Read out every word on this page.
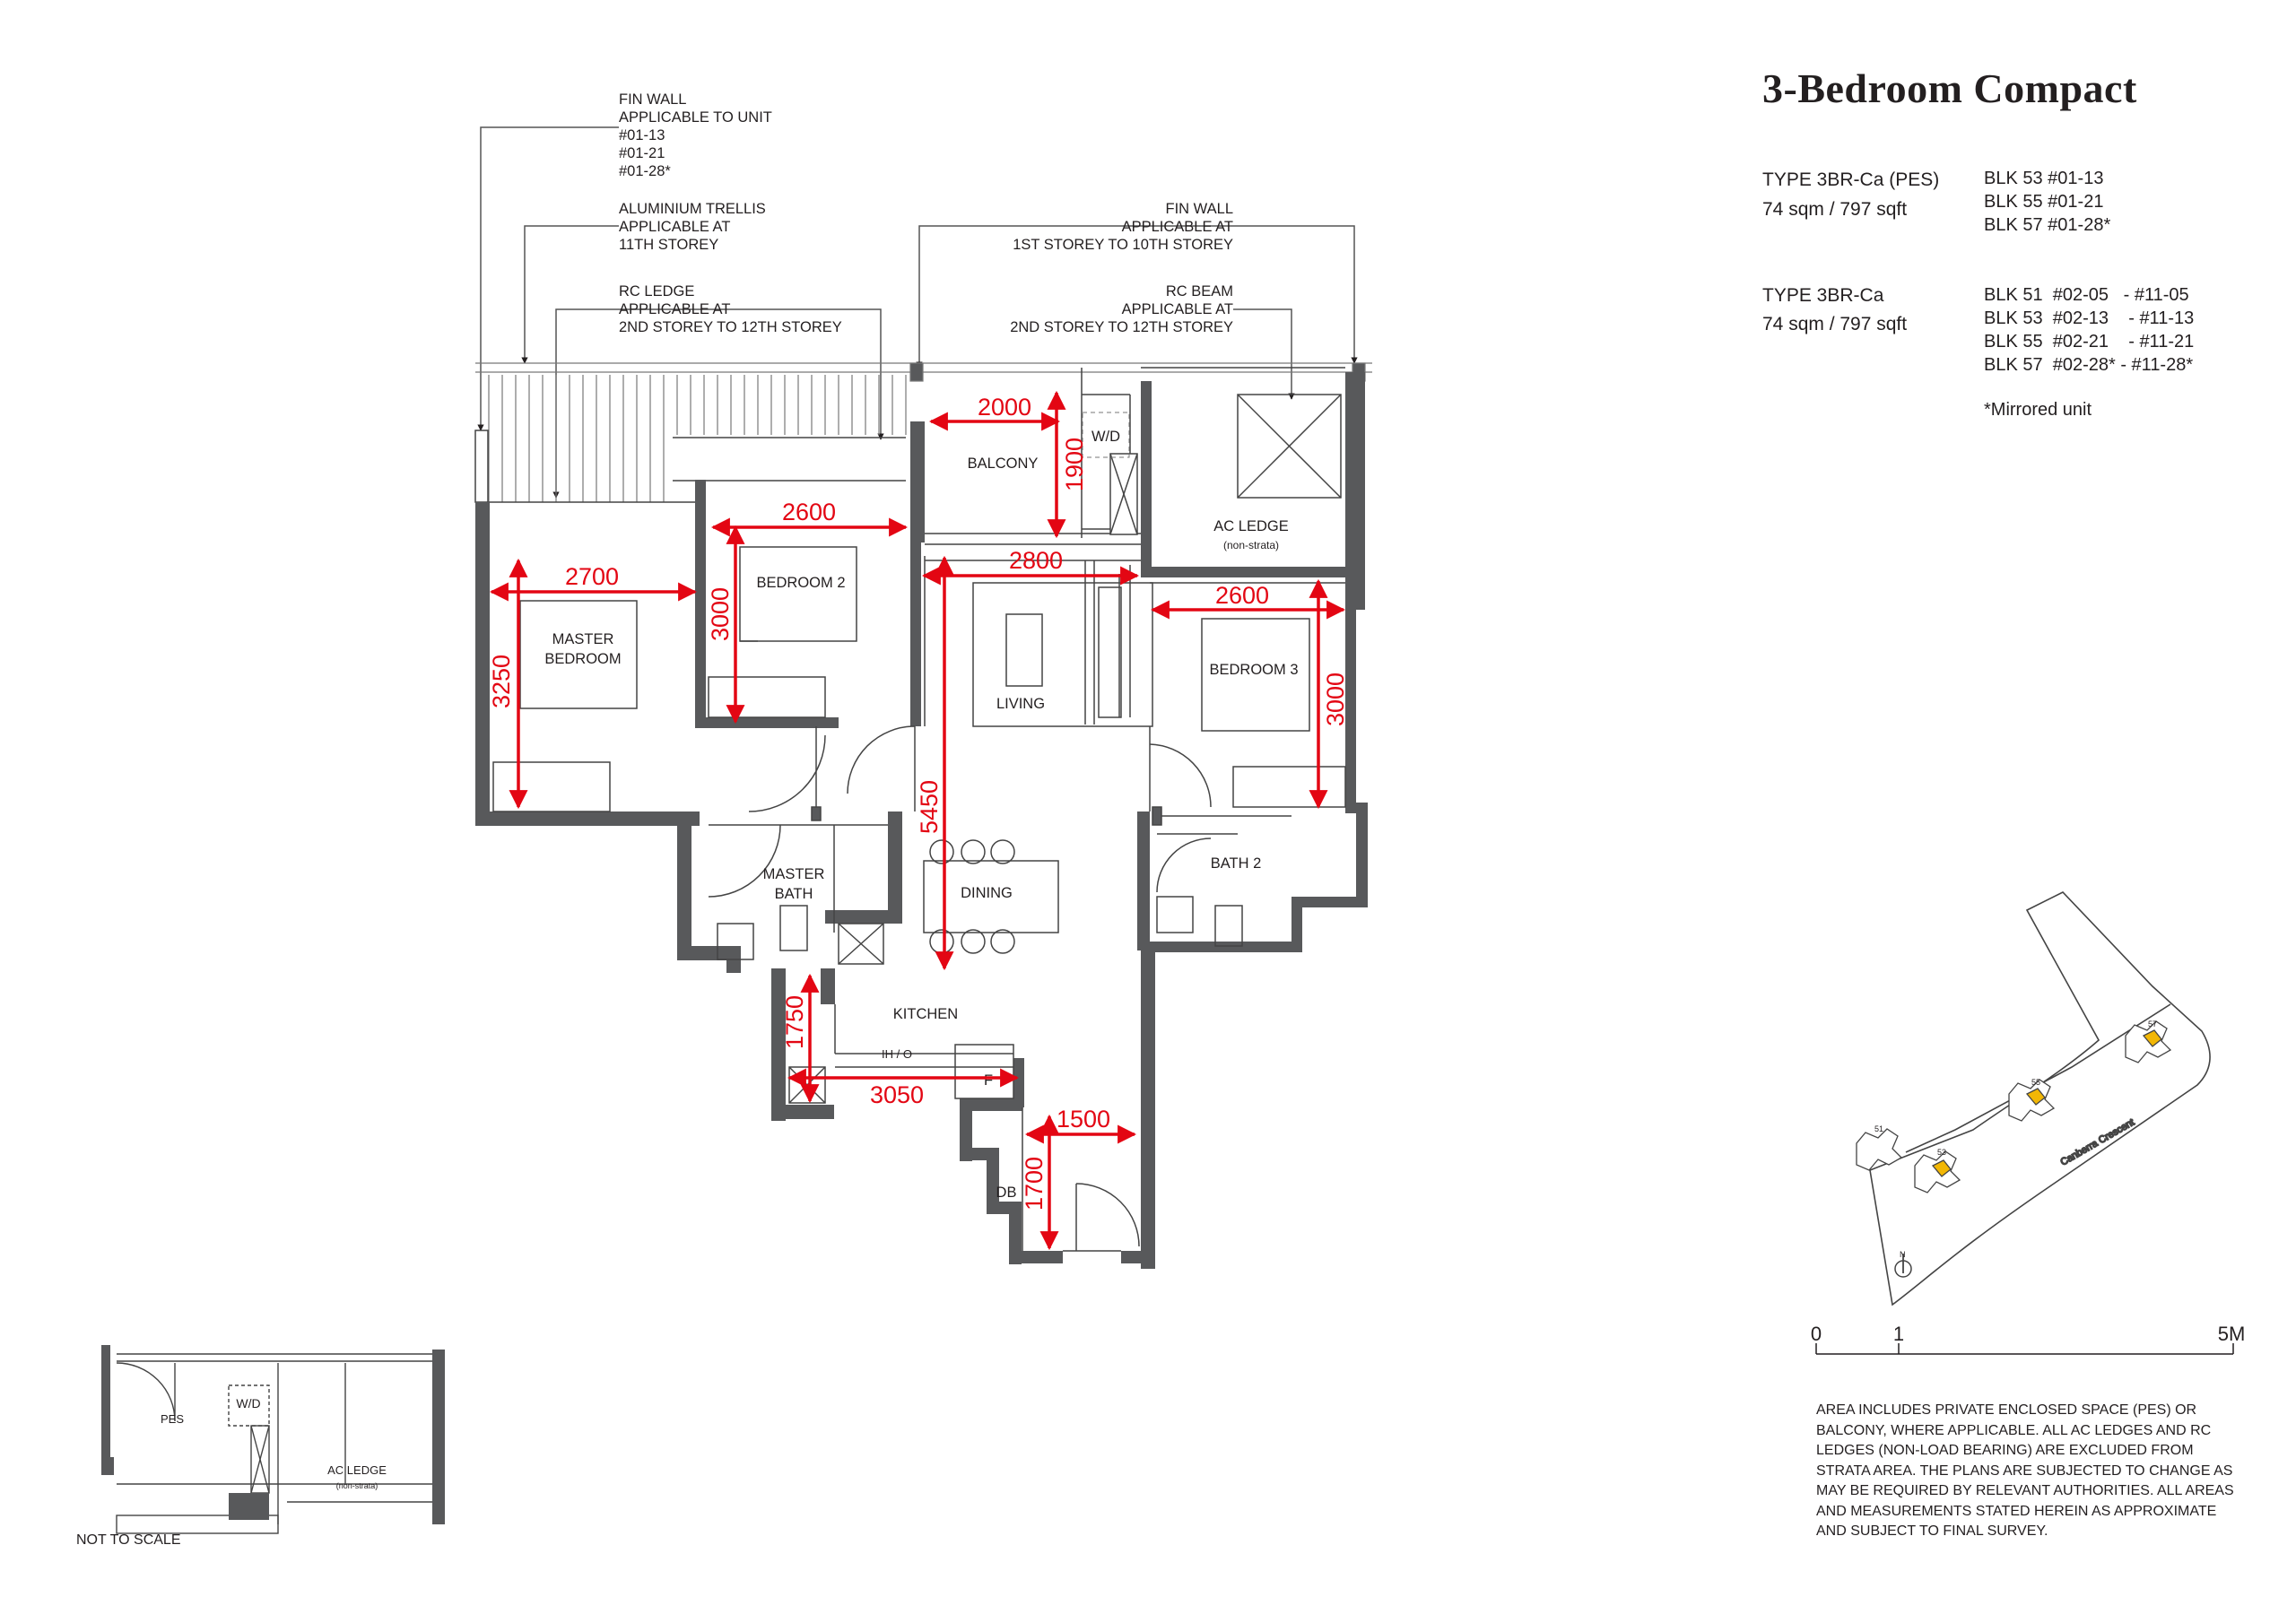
3-Bedroom Compact
TYPE 3BR-Ca (PES)
74 sqm / 797 sqft
BLK 53 #01-13
BLK 55 #01-21
BLK 57 #01-28*
TYPE 3BR-Ca
74 sqm / 797 sqft
BLK 51  #02-05   - #11-05
BLK 53  #02-13    - #11-13
BLK 55  #02-21    - #11-21
BLK 57  #02-28* - #11-28*
*Mirrored unit
AREA INCLUDES PRIVATE ENCLOSED SPACE (PES) OR BALCONY, WHERE APPLICABLE. ALL AC LEDGES AND RC LEDGES (NON-LOAD BEARING) ARE EXCLUDED FROM STRATA AREA. THE PLANS ARE SUBJECTED TO CHANGE AS MAY BE REQUIRED BY RELEVANT AUTHORITIES. ALL AREAS AND MEASUREMENTS STATED HEREIN AS APPROXIMATE AND SUBJECT TO FINAL SURVEY.
FIN WALL
APPLICABLE TO UNIT
#01-13
#01-21
#01-28*
ALUMINIUM TRELLIS
APPLICABLE AT
11TH STOREY
RC LEDGE
APPLICABLE AT
2ND STOREY TO 12TH STOREY
FIN WALL
APPLICABLE AT
1ST STOREY TO 10TH STOREY
RC BEAM
APPLICABLE AT
2ND STOREY TO 12TH STOREY
BALCONY
W/D
AC LEDGE
(non-strata)
BEDROOM 2
MASTER
BEDROOM
LIVING
BEDROOM 3
MASTER
BATH	DINING
BATH 2
KITCHEN
IH / O
F
DB
2000
1900
2600
3000
2700
3250
2800
5450
2600
3000
1750
3050
1500
1700
PES
W/D
AC LEDGE
(non-strata)
NOT TO SCALE
Canberra Crescent
57
55
53
51
N
0	1	5M
